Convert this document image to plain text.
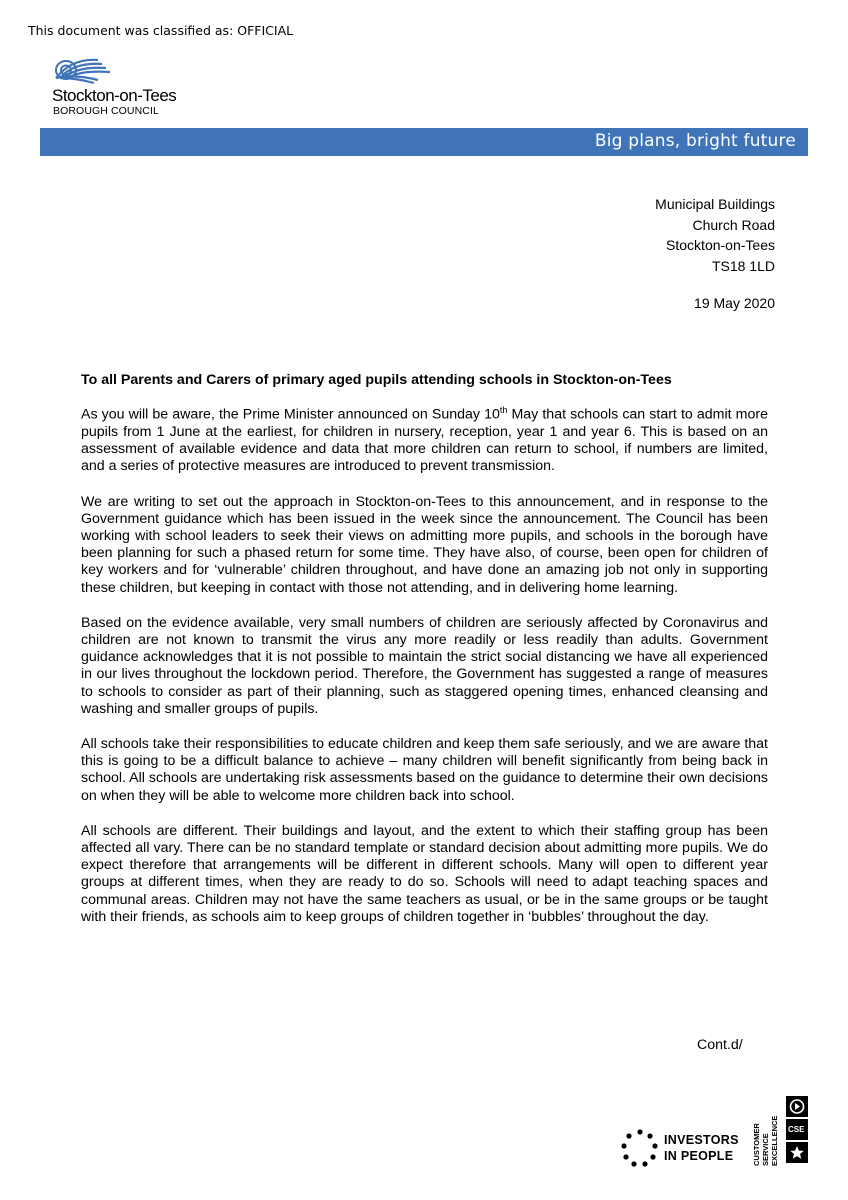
This document was classified as: OFFICIAL
Stockton-on-Tees
BOROUGH COUNCIL
Big plans, bright future
Municipal Buildings
Church Road
Stockton-on-Tees
TS18 1LD
19 May 2020
To all Parents and Carers of primary aged pupils attending schools in Stockton-on-Tees

As you will be aware, the Prime Minister announced on Sunday 10th May that schools can start to admit more pupils from 1 June at the earliest, for children in nursery, reception, year 1 and year 6. This is based on an assessment of available evidence and data that more children can return to school, if numbers are limited, and a series of protective measures are introduced to prevent transmission.

We are writing to set out the approach in Stockton-on-Tees to this announcement, and in response to the Government guidance which has been issued in the week since the announcement. The Council has been working with school leaders to seek their views on admitting more pupils, and schools in the borough have been planning for such a phased return for some time. They have also, of course, been open for children of key workers and for ‘vulnerable’ children throughout, and have done an amazing job not only in supporting these children, but keeping in contact with those not attending, and in delivering home learning.

Based on the evidence available, very small numbers of children are seriously affected by Coronavirus and children are not known to transmit the virus any more readily or less readily than adults. Government guidance acknowledges that it is not possible to maintain the strict social distancing we have all experienced in our lives throughout the lockdown period. Therefore, the Government has suggested a range of measures to schools to consider as part of their planning, such as staggered opening times, enhanced cleansing and washing and smaller groups of pupils.

All schools take their responsibilities to educate children and keep them safe seriously, and we are aware that this is going to be a difficult balance to achieve – many children will benefit significantly from being back in school. All schools are undertaking risk assessments based on the guidance to determine their own decisions on when they will be able to welcome more children back into school.

All schools are different. Their buildings and layout, and the extent to which their staffing group has been affected all vary. There can be no standard template or standard decision about admitting more pupils. We do expect therefore that arrangements will be different in different schools. Many will open to different year groups at different times, when they are ready to do so. Schools will need to adapt teaching spaces and communal areas. Children may not have the same teachers as usual, or be in the same groups or be taught with their friends, as schools aim to keep groups of children together in ‘bubbles’ throughout the day.

Cont.d/
INVESTORS
IN PEOPLE	CUSTOMER SERVICE EXCELLENCE CSE
